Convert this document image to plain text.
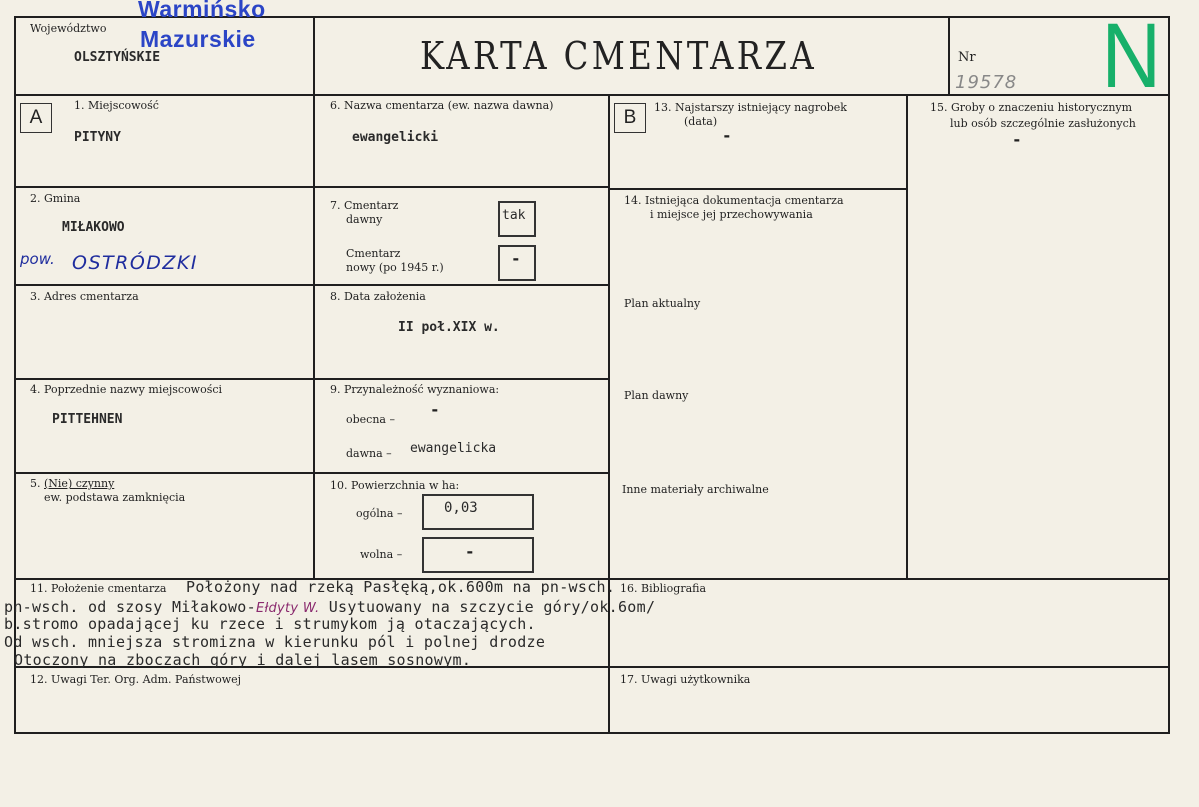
Województwo
OLSZTYŃSKIE
Warmińsko
Mazurskie	KARTA CMENTARZA	Nr
19578 N
A	B
1. Miejscowość
PITYNY
2. Gmina
MIŁAKOWO
pow. OSTRÓDZKI
3. Adres cmentarza
4. Poprzednie nazwy miejscowości
PITTEHNEN
5. (Nie) czynny
ew. podstawa zamknięcia
6. Nazwa cmentarza (ew. nazwa dawna)
ewangelicki
7. Cmentarz
dawny	tak
Cmentarz
nowy (po 1945 r.)	-
8. Data założenia
II poł.XIX w.
9. Przynależność wyznaniowa:
obecna –
-
dawna – ewangelicka
10. Powierzchnia w ha:
ogólna –	0,03
wolna –	-
13. Najstarszy istniejący nagrobek
(data)
-
14. Istniejąca dokumentacja cmentarza
i miejsce jej przechowywania
Plan aktualny
Plan dawny
Inne materiały archiwalne
15. Groby o znaczeniu historycznym
lub osób szczególnie zasłużonych
-
11. Położenie cmentarza	16. Bibliografia
Położony nad rzeką Pasłęką,ok.600m na pn-wsch.
pn-wsch. od szosy Miłakowo-Ełdyty W. Usytuowany na szczycie góry/ok.6om/
b.stromo opadającej ku rzece i strumykom ją otaczających.
Od wsch. mniejsza stromizna w kierunku pól i polnej drodze
Otoczony na zboczach góry i dalej lasem sosnowym.
12. Uwagi Ter. Org. Adm. Państwowej	17. Uwagi użytkownika
